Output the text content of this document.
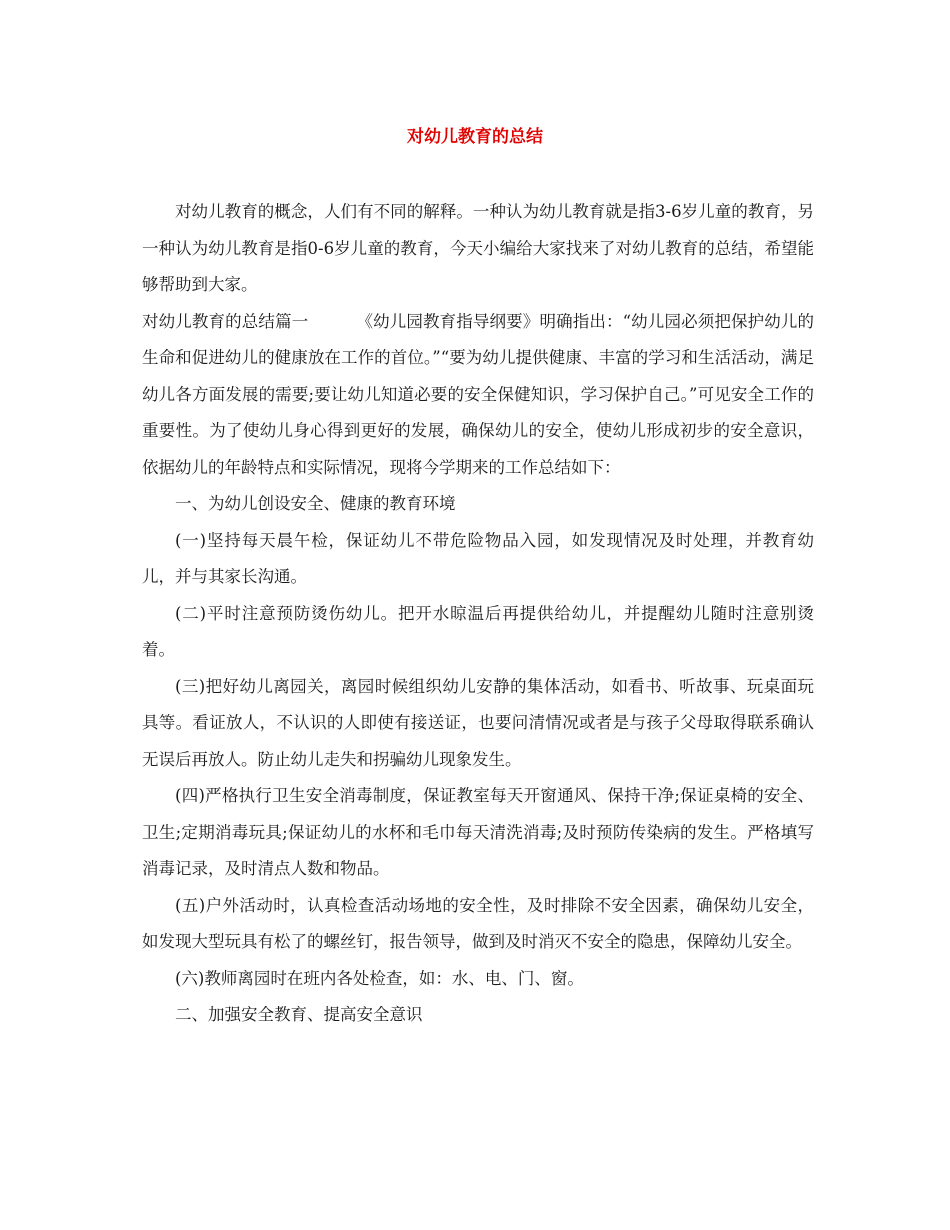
对幼儿教育的总结

对幼儿教育的概念，人们有不同的解释。一种认为幼儿教育就是指3-6岁儿童的教育，另一种认为幼儿教育是指0-6岁儿童的教育，今天小编给大家找来了对幼儿教育的总结，希望能够帮助到大家。

对幼儿教育的总结篇一	《幼儿园教育指导纲要》明确指出：“幼儿园必须把保护幼儿的生命和促进幼儿的健康放在工作的首位。”“要为幼儿提供健康、丰富的学习和生活活动，满足幼儿各方面发展的需要;要让幼儿知道必要的安全保健知识，学习保护自己。”可见安全工作的重要性。为了使幼儿身心得到更好的发展，确保幼儿的安全，使幼儿形成初步的安全意识，依据幼儿的年龄特点和实际情况，现将今学期来的工作总结如下：

一、为幼儿创设安全、健康的教育环境

(一)坚持每天晨午检，保证幼儿不带危险物品入园，如发现情况及时处理，并教育幼儿，并与其家长沟通。

(二)平时注意预防烫伤幼儿。把开水晾温后再提供给幼儿，并提醒幼儿随时注意别烫着。

(三)把好幼儿离园关，离园时候组织幼儿安静的集体活动，如看书、听故事、玩桌面玩具等。看证放人，不认识的人即使有接送证，也要问清情况或者是与孩子父母取得联系确认无误后再放人。防止幼儿走失和拐骗幼儿现象发生。

(四)严格执行卫生安全消毒制度，保证教室每天开窗通风、保持干净;保证桌椅的安全、卫生;定期消毒玩具;保证幼儿的水杯和毛巾每天清洗消毒;及时预防传染病的发生。严格填写消毒记录，及时清点人数和物品。

(五)户外活动时，认真检查活动场地的安全性，及时排除不安全因素，确保幼儿安全，如发现大型玩具有松了的螺丝钉，报告领导，做到及时消灭不安全的隐患，保障幼儿安全。

(六)教师离园时在班内各处检查，如：水、电、门、窗。

二、加强安全教育、提高安全意识
